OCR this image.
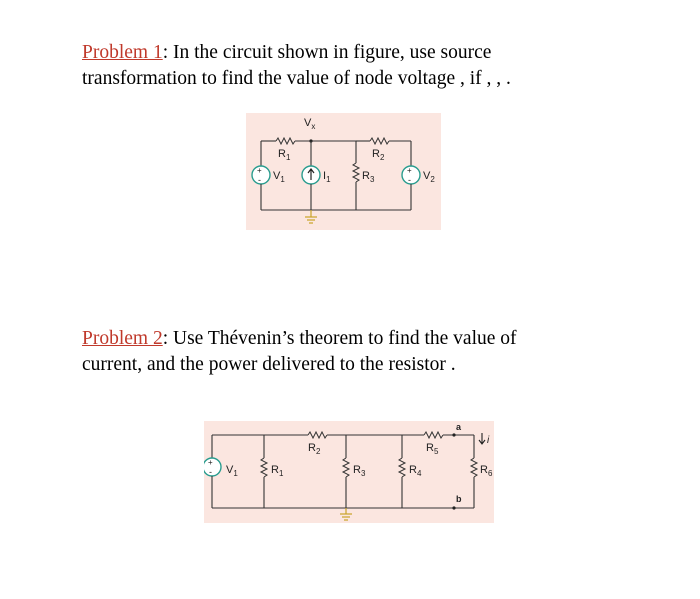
Problem 1: In the circuit shown in figure, use source
transformation to find the value of node voltage , if , , .

+
-
+
-
$V_x$
$R_1$	$R_2$
$R_3$
$V_1$	$I_1$	$V_2$

Problem 2: Use Thévenin’s theorem to find the value of
current, and the power delivered to the resistor .

+
- $V_1$	$R_1$
$R_2$
$R_3$	$R_4$
$R_5$
$R_6$
a
b
i
